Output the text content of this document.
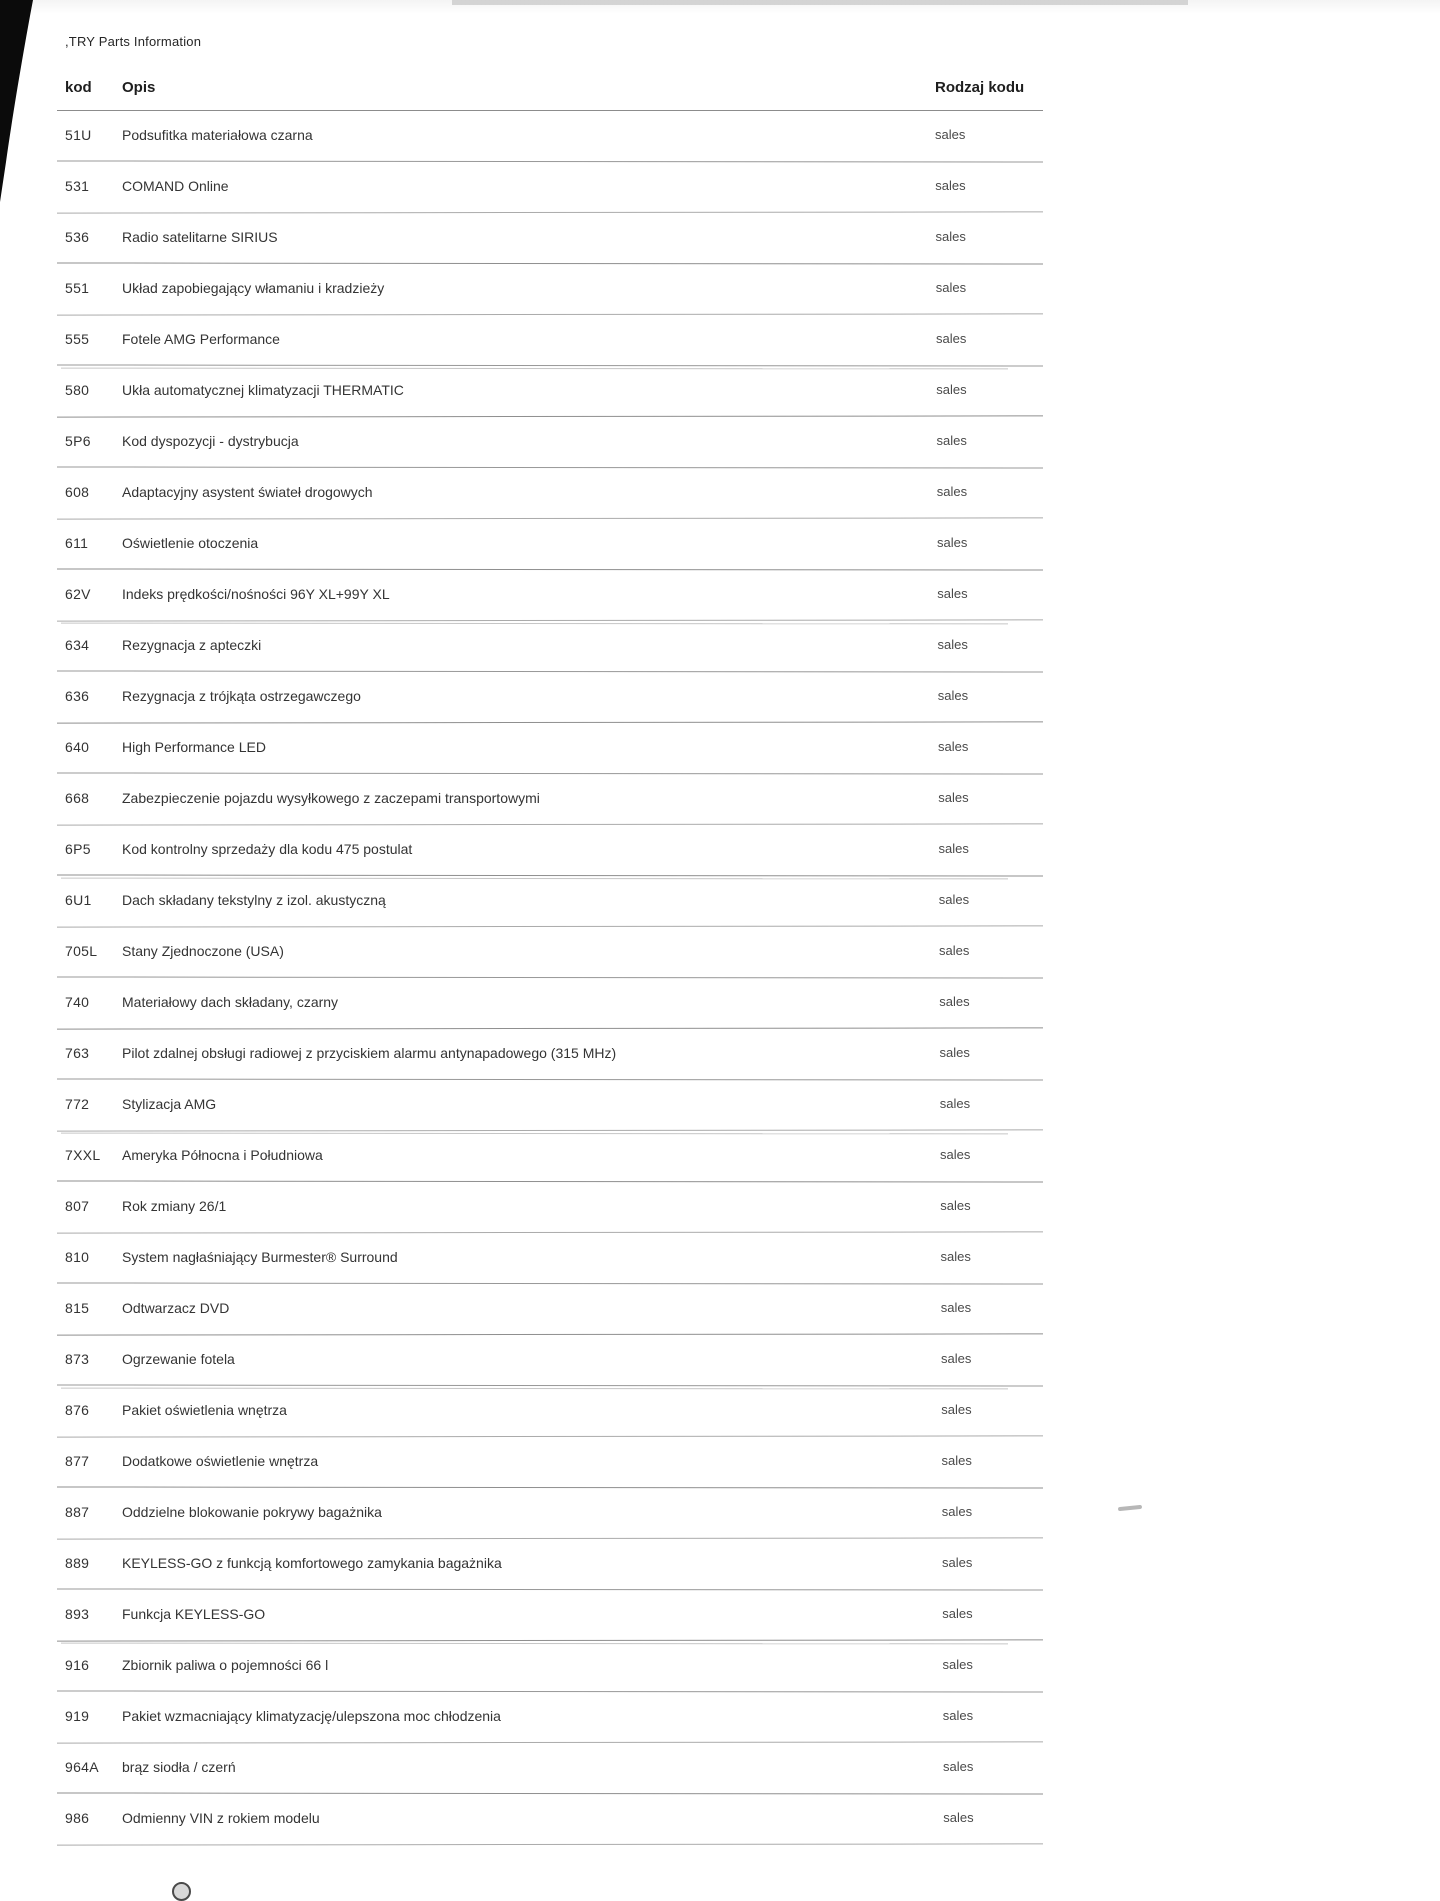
,TRY Parts Information
kod	Opis	Rodzaj kodu
51U	Podsufitka materiałowa czarna	sales
531	COMAND Online	sales
536	Radio satelitarne SIRIUS	sales
551	Układ zapobiegający włamaniu i kradzieży	sales
555	Fotele AMG Performance	sales
580	Ukła automatycznej klimatyzacji THERMATIC	sales
5P6	Kod dyspozycji - dystrybucja	sales
608	Adaptacyjny asystent świateł drogowych	sales
611	Oświetlenie otoczenia	sales
62V	Indeks prędkości/nośności 96Y XL+99Y XL	sales
634	Rezygnacja z apteczki	sales
636	Rezygnacja z trójkąta ostrzegawczego	sales
640	High Performance LED	sales
668	Zabezpieczenie pojazdu wysyłkowego z zaczepami transportowymi	sales
6P5	Kod kontrolny sprzedaży dla kodu 475 postulat	sales
6U1	Dach składany tekstylny z izol. akustyczną	sales
705L	Stany Zjednoczone (USA)	sales
740	Materiałowy dach składany, czarny	sales
763	Pilot zdalnej obsługi radiowej z przyciskiem alarmu antynapadowego (315 MHz)	sales
772	Stylizacja AMG	sales
7XXL	Ameryka Północna i Południowa	sales
807	Rok zmiany 26/1	sales
810	System nagłaśniający Burmester® Surround	sales
815	Odtwarzacz DVD	sales
873	Ogrzewanie fotela	sales
876	Pakiet oświetlenia wnętrza	sales
877	Dodatkowe oświetlenie wnętrza	sales
887	Oddzielne blokowanie pokrywy bagażnika	sales
889	KEYLESS-GO z funkcją komfortowego zamykania bagażnika	sales
893	Funkcja KEYLESS-GO	sales
916	Zbiornik paliwa o pojemności 66 l	sales
919	Pakiet wzmacniający klimatyzację/ulepszona moc chłodzenia	sales
964A	brąz siodła / czerń	sales
986	Odmienny VIN z rokiem modelu	sales
